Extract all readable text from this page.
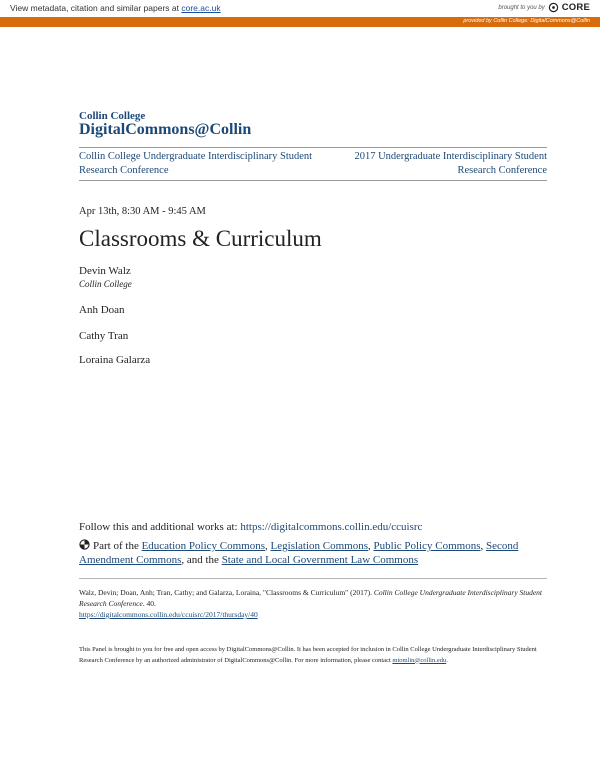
View metadata, citation and similar papers at core.ac.uk	brought to you by CORE
provided by Collin College: DigitalCommons@Collin
Collin College
DigitalCommons@Collin
Collin College Undergraduate Interdisciplinary Student Research Conference
2017 Undergraduate Interdisciplinary Student Research Conference
Apr 13th, 8:30 AM - 9:45 AM
Classrooms & Curriculum
Devin Walz
Collin College
Anh Doan
Cathy Tran
Loraina Galarza
Follow this and additional works at: https://digitalcommons.collin.edu/ccuisrc
Part of the Education Policy Commons, Legislation Commons, Public Policy Commons, Second Amendment Commons, and the State and Local Government Law Commons
Walz, Devin; Doan, Anh; Tran, Cathy; and Galarza, Loraina, "Classrooms & Curriculum" (2017). Collin College Undergraduate Interdisciplinary Student Research Conference. 40.
https://digitalcommons.collin.edu/ccuisrc/2017/thursday/40
This Panel is brought to you for free and open access by DigitalCommons@Collin. It has been accepted for inclusion in Collin College Undergraduate Interdisciplinary Student Research Conference by an authorized administrator of DigitalCommons@Collin. For more information, please contact mtomlin@collin.edu.
